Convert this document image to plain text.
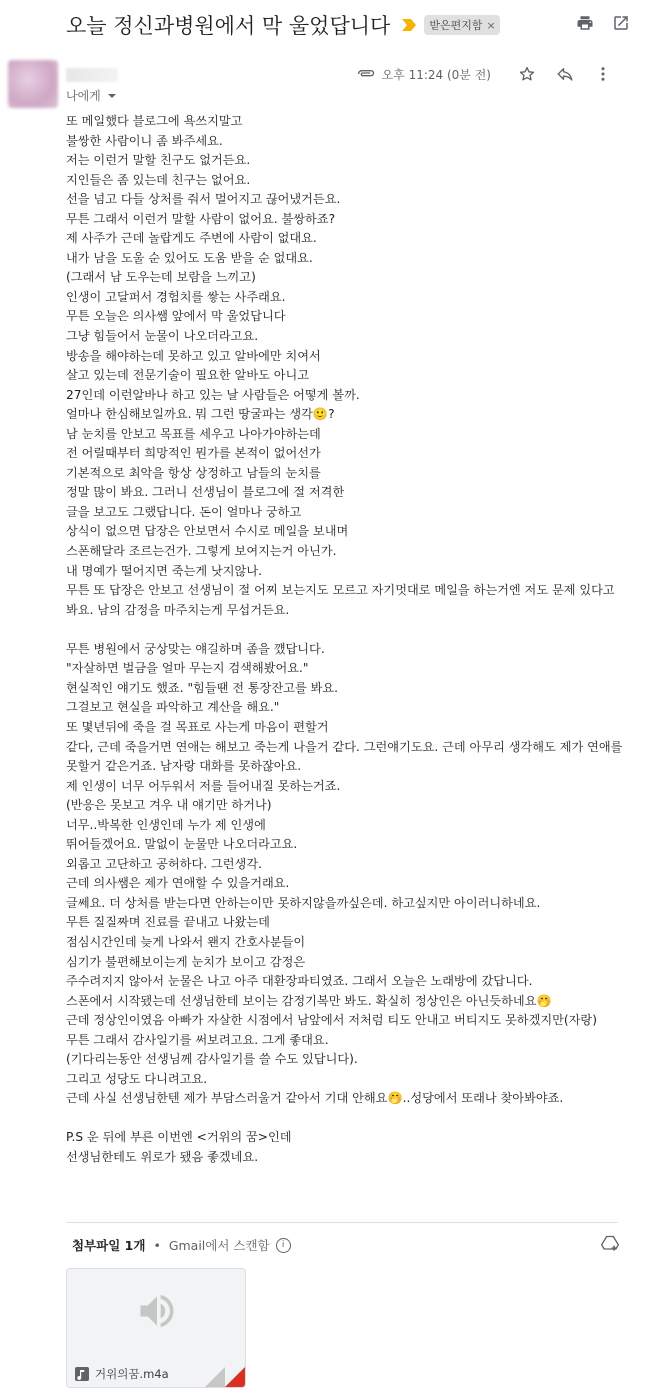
오늘 정신과병원에서 막 울었답니다	받은편지함 ×
나에게
오후 11:24 (0분 전)
또 메일했다 블로그에 욕쓰지말고
불쌍한 사람이니 좀 봐주세요.
저는 이런거 말할 친구도 없거든요.
지인들은 좀 있는데 친구는 없어요.
선을 넘고 다들 상처를 줘서 멀어지고 끊어냈거든요.
무튼 그래서 이런거 말할 사람이 없어요. 불쌍하죠?
제 사주가 근데 놀랍게도 주변에 사람이 없대요.
내가 남을 도울 순 있어도 도움 받을 순 없대요.
(그래서 남 도우는데 보람을 느끼고)
인생이 고달퍼서 경험치를 쌓는 사주래요.
무튼 오늘은 의사쌤 앞에서 막 울었답니다
그냥 힘들어서 눈물이 나오더라고요.
방송을 해야하는데 못하고 있고 알바에만 치여서
살고 있는데 전문기술이 필요한 알바도 아니고
27인데 이런알바나 하고 있는 날 사람들은 어떻게 볼까.
얼마나 한심해보일까요. 뭐 그런 땅굴파는 생각🙂?
남 눈치를 안보고 목표를 세우고 나아가야하는데
전 어릴때부터 희망적인 뭔가를 본적이 없어선가
기본적으로 최악을 항상 상정하고 남들의 눈치를
정말 많이 봐요. 그러니 선생님이 블로그에 절 저격한
글을 보고도 그랬답니다. 돈이 얼마나 궁하고
상식이 없으면 답장은 안보면서 수시로 메일을 보내며
스폰해달라 조르는건가. 그렇게 보여지는거 아닌가.
내 명예가 떨어지면 죽는게 낫지않나.
무튼 또 답장은 안보고 선생님이 절 어찌 보는지도 모르고 자기멋대로 메일을 하는거엔 저도 문제 있다고 봐요. 남의 감정을 마주치는게 무섭거든요.
무튼 병원에서 궁상맞는 얘길하며 좀을 꺴답니다.
"자살하면 벌금을 얼마 무는지 검색해봤어요."
현실적인 얘기도 했죠. "힘들땐 전 통장잔고를 봐요.
그걸보고 현실을 파악하고 계산을 해요."
또 몇년뒤에 죽을 걸 목표로 사는게 마음이 편할거
같다, 근데 죽을거면 연애는 해보고 죽는게 나을거 같다. 그런얘기도요. 근데 아무리 생각해도 제가 연애를
못할거 같은거죠. 남자랑 대화를 못하잖아요.
제 인생이 너무 어두워서 저를 들어내질 못하는거죠.
(반응은 못보고 겨우 내 얘기만 하거나)
너무..박복한 인생인데 누가 제 인생에
뛰어들겠어요. 말없이 눈물만 나오더라고요.
외롭고 고단하고 공허하다. 그런생각.
근데 의사쌤은 제가 연애할 수 있을거래요.
글쎄요. 더 상처를 받는다면 안하는이만 못하지않을까싶은데. 하고싶지만 아이러니하네요.
무튼 질질짜며 진료를 끝내고 나왔는데
점심시간인데 늦게 나와서 왠지 간호사분들이
심기가 불편해보이는게 눈치가 보이고 감정은
주수려지지 않아서 눈물은 나고 아주 대환장파티였죠. 그래서 오늘은 노래방에 갔답니다.
스폰에서 시작됐는데 선생님한테 보이는 감정기복만 봐도. 확실히 정상인은 아닌듯하네요🤭
근데 정상인이였음 아빠가 자살한 시점에서 남앞에서 저처럼 티도 안내고 버티지도 못하겠지만(자랑)
무튼 그래서 감사일기를 써보려고요. 그게 좋대요.
(기다리는동안 선생님께 감사일기를 쓸 수도 있답니다).
그리고 성당도 다니려고요.
근데 사실 선생님한텐 제가 부담스러울거 같아서 기대 안해요🤭..성당에서 또래나 찾아봐야죠.
P.S 운 뒤에 부른 이번엔 <거위의 꿈>인데
선생님한테도 위로가 됐음 좋겠네요.
첨부파일 1개 • Gmail에서 스캔함	i
거위의꿈.m4a
